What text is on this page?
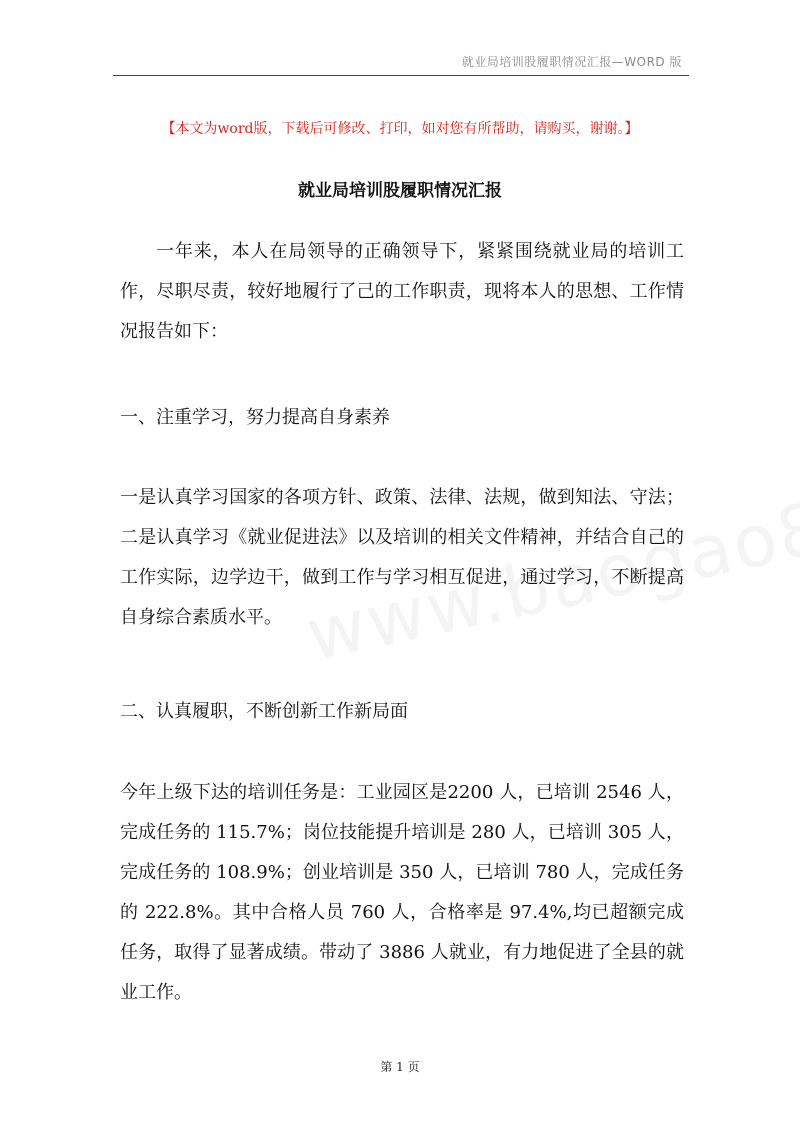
就业局培训股履职情况汇报—WORD 版
【本文为word版，下载后可修改、打印，如对您有所帮助，请购买，谢谢。】
就业局培训股履职情况汇报

一年来，本人在局领导的正确领导下，紧紧围绕就业局的培训工作，尽职尽责，较好地履行了己的工作职责，现将本人的思想、工作情况报告如下：

一、注重学习，努力提高自身素养

一是认真学习国家的各项方针、政策、法律、法规，做到知法、守法；二是认真学习《就业促进法》以及培训的相关文件精神，并结合自己的工作实际，边学边干，做到工作与学习相互促进，通过学习，不断提高自身综合素质水平。

二、认真履职，不断创新工作新局面

今年上级下达的培训任务是：工业园区是2200 人，已培训 2546 人，完成任务的 115.7%；岗位技能提升培训是 280 人，已培训 305 人，完成任务的 108.9%；创业培训是 350 人，已培训 780 人，完成任务的 222.8%。其中合格人员 760 人，合格率是 97.4%,均已超额完成任务，取得了显著成绩。带动了 3886 人就业，有力地促进了全县的就业工作。

第 1 页
